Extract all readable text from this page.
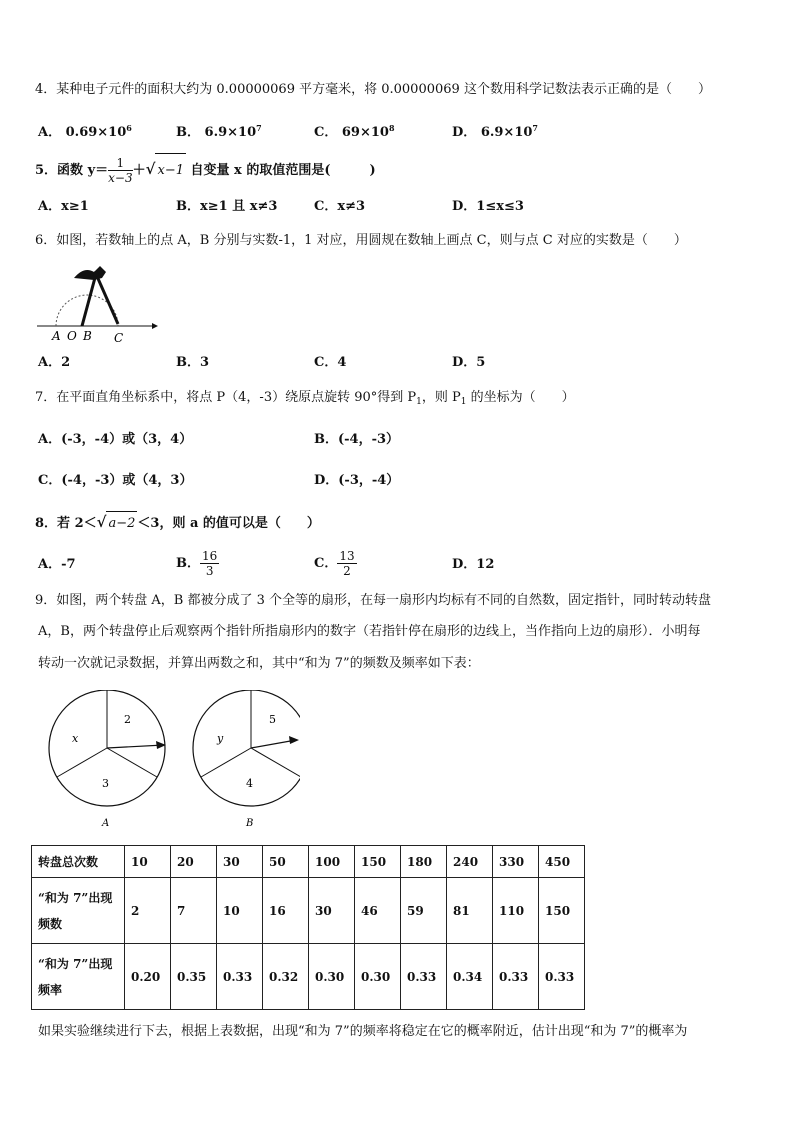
4．某种电子元件的面积大约为 0.00000069 平方毫米，将 0.00000069 这个数用科学记数法表示正确的是（　　）
A． $0.69\times 10^6$	B． $6.9\times 10^7$	C． $69\times 10^8$	D． $6.9\times 10^7$
5．函数 $y= \frac{1}{x-3}$ ＋√ x−1 自变量 x 的取值范围是(　　　)
A．x≥1	B．x≥1 且 x≠3	C．x≠3	D．1≤x≤3
6．如图，若数轴上的点 A，B 分别与实数-1，1 对应，用圆规在数轴上画点 C，则与点 C 对应的实数是（　　）
A O B C
A．2	B．3	C．4	D．5
7．在平面直角坐标系中，将点 P（4，-3）绕原点旋转 90°得到 $P_1$，则 $P_1$ 的坐标为（　　）
A．(-3，-4）或（3，4）	B．(-4，-3）
C．(-4，-3）或（4，3）	D．(-3，-4）
8．若 2＜√ a−2 ＜3，则 a 的值可以是（　　）
A．-7	B． $\frac{16}{3}$	C． $\frac{13}{2}$	D．12
9．如图，两个转盘 A，B 都被分成了 3 个全等的扇形，在每一扇形内均标有不同的自然数，固定指针，同时转动转盘
A，B，两个转盘停止后观察两个指针所指扇形内的数字（若指针停在扇形的边线上，当作指向上边的扇形）．小明每
转动一次就记录数据，并算出两数之和，其中“和为 7”的频数及频率如下表：
2
x
3
A
5
y
4
B
转盘总次数	10	20	30	50	100	150	180	240	330	450
“和为 7”出现频数	2	7	10	16	30	46	59	81	110	150
“和为 7”出现频率	0.20	0.35	0.33	0.32	0.30	0.30	0.33	0.34	0.33	0.33
如果实验继续进行下去，根据上表数据，出现“和为 7”的频率将稳定在它的概率附近，估计出现“和为 7”的概率为
